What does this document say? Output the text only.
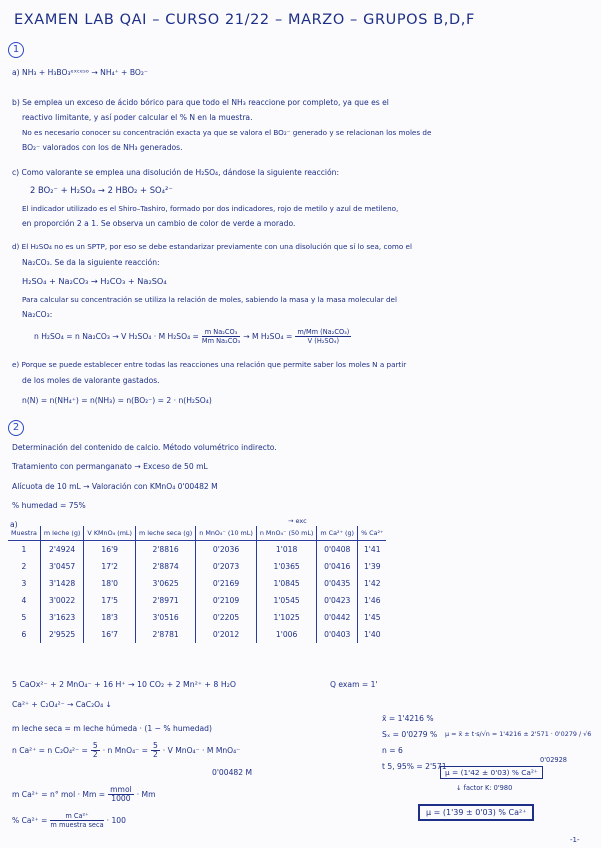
EXAMEN LAB QAI – CURSO 21/22 – MARZO – GRUPOS B,D,F
1
a) NH₃ + H₃BO₃ᵉˣᶜᵉˢᵒ → NH₄⁺ + BO₂⁻
b) Se emplea un exceso de ácido bórico para que todo el NH₃ reaccione por completo, ya que es el
reactivo limitante, y así poder calcular el % N en la muestra.
No es necesario conocer su concentración exacta ya que se valora el BO₂⁻ generado y se relacionan los moles de
BO₂⁻ valorados con los de NH₃ generados.
c) Como valorante se emplea una disolución de H₂SO₄, dándose la siguiente reacción:
2 BO₂⁻ + H₂SO₄ → 2 HBO₂ + SO₄²⁻
El indicador utilizado es el Shiro–Tashiro, formado por dos indicadores, rojo de metilo y azul de metileno,
en proporción 2 a 1. Se observa un cambio de color de verde a morado.
d) El H₂SO₄ no es un SPTP, por eso se debe estandarizar previamente con una disolución que sí lo sea, como el
Na₂CO₃. Se da la siguiente reacción:
H₂SO₄ + Na₂CO₃ → H₂CO₃ + Na₂SO₄
Para calcular su concentración se utiliza la relación de moles, sabiendo la masa y la masa molecular del
Na₂CO₃:
n H₂SO₄ = n Na₂CO₃ → V H₂SO₄ · M $H_2SO_4 = \frac{\text{m Na₂CO₃}}{\text{Mm Na₂CO₃}} \to M$ $H_2SO_4 = \frac{\text{m/Mm (Na₂CO₃)}}{\text{V (H₂SO₄)}}$
e) Porque se puede establecer entre todas las reacciones una relación que permite saber los moles N a partir
de los moles de valorante gastados.
n(N) = n(NH₄⁺) = n(NH₃) = n(BO₂⁻) = 2 · n(H₂SO₄)
2
Determinación del contenido de calcio. Método volumétrico indirecto.
Tratamiento con permanganato → Exceso de 50 mL
Alícuota de 10 mL → Valoración con KMnO₄ 0'00482 M
% humedad = 75%
a)	→ exc
Muestra	m leche (g)	V KMnO₄ (mL)	m leche seca (g)	n MnO₄⁻ (10 mL)	n MnO₄⁻ (50 mL)	m Ca²⁺ (g)	% Ca²⁺
1	2'4924	16'9	2'8816	0'2036	1'018	0'0408	1'41
2	3'0457	17'2	2'8874	0'2073	1'0365	0'0416	1'39
3	3'1428	18'0	3'0625	0'2169	1'0845	0'0435	1'42
4	3'0022	17'5	2'8971	0'2109	1'0545	0'0423	1'46
5	3'1623	18'3	3'0516	0'2205	1'1025	0'0442	1'45
6	2'9525	16'7	2'8781	0'2012	1'006	0'0403	1'40
5 CaOx²⁻ + 2 MnO₄⁻ + 16 H⁺ → 10 CO₂ + 2 Mn²⁺ + 8 H₂O
Ca²⁺ + C₂O₄²⁻ → CaC₂O₄ ↓
Q exam = 1'
m leche seca = m leche húmeda · (1 − % humedad)
n Ca²⁺ = n $C_2O_4^{2-} = \frac{5}{2} \cdot n$ $MnO_4^- = \frac{5}{2} \cdot V$ MnO₄⁻ · M MnO₄⁻
0'00482 M
m Ca²⁺ = n° mol · $Mm = \frac{\text{mmol}}{1000} \cdot Mm$
% $Ca^{2+} = \frac{\text{m Ca²⁺}}{\text{m muestra seca}} \cdot 100$
x̄ = 1'4216 %
Sₓ = 0'0279 %
n = 6
t 5, 95% = 2'571
μ = x̄ ± t·s/√n = 1'4216 ± 2'571 · 0'0279 / √6
0'02928
μ = (1'42 ± 0'03) % Ca²⁺
↓ factor K: 0'980
μ = (1'39 ± 0'03) % Ca²⁺
-1-
